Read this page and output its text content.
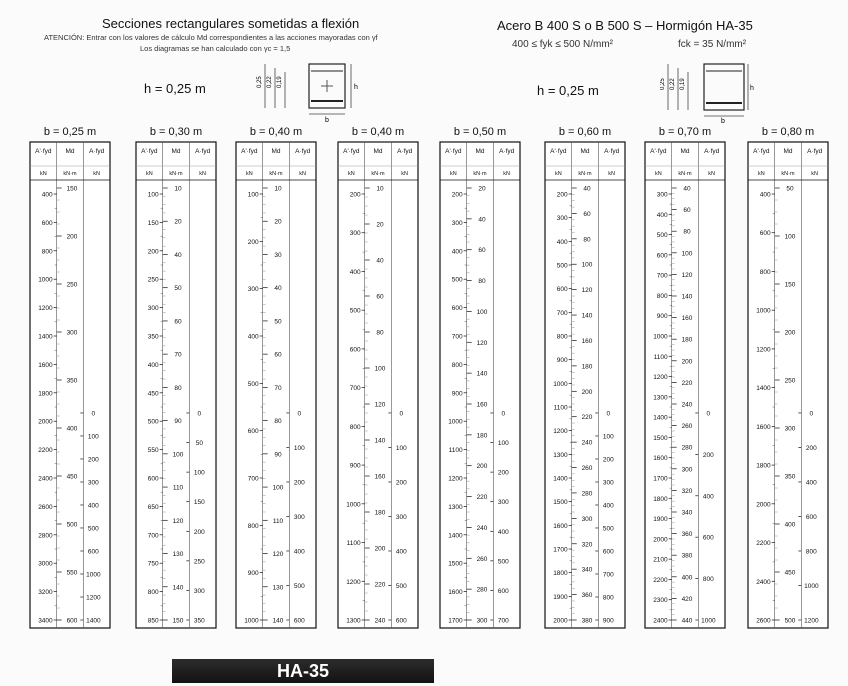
Secciones rectangulares sometidas a flexión
ATENCIÓN: Entrar con los valores de cálculo Md correspondientes a las acciones mayoradas con γf
Los diagramas se han calculado con γc = 1,5
Acero B 400 S o B 500 S – Hormigón HA-35
400 ≤ fyk ≤ 500 N/mm²	fck = 35 N/mm²
h = 0,25 m	h = 0,25 m
0,25 0,22 0,19
b
h	0,25 0,22 0,19
b
h
b = 0,25 m
A'·fyd Md A·fyd
kN	kN·m	kN
400
600
800
1000
1200
1400
1600
1800
2000
2200
2400
2600
2800
3000
3200
3400
150
200
250
300
350
400
450
500
550
600
0
100
200
300
400
500
600
1000
1200
1400
b = 0,30 m
A'·fyd Md A·fyd
kN	kN·m	kN
100
150
200
250
300
350
400
450
500
550
600
650
700
750
800
850
10
20
40
50
60
70
80
90
100
110
120
130
140
150
0
50
100
150
200
250
300
350
b = 0,40 m
A'·fyd Md A·fyd
kN	kN·m	kN
100
200
300
400
500
600
700
800
900
1000
10
20
30
40
50
60
70
80
90
100
110
120
130
140
0
100
200
300
400
500
600
b = 0,40 m
A'·fyd Md A·fyd
kN	kN·m	kN
200
300
400
500
600
700
800
900
1000
1100
1200
1300
10
20
40
60
80
100
120
140
160
180
200
220
240
0
100
200
300
400
500
600
b = 0,50 m
A'·fyd Md A·fyd
kN	kN·m	kN
200
300
400
500
600
700
800
900
1000
1100
1200
1300
1400
1500
1600
1700
20
40
60
80
100
120
140
160
180
200
220
240
260
280
300
0
100
200
300
400
500
600
700
b = 0,60 m
A'·fyd Md A·fyd
kN	kN·m	kN
200
300
400
500
600
700
800
900
1000
1100
1200
1300
1400
1500
1600
1700
1800
1900
2000
40
60
80
100
120
140
160
180
200
220
240
260
280
300
320
340
360
380
0
100
200
300
400
500
600
700
800
900
b = 0,70 m
A'·fyd Md A·fyd
kN	kN·m	kN
300
400
500
600
700
800
900
1000
1100
1200
1300
1400
1500
1600
1700
1800
1900
2000
2100
2200
2300
2400
40
60
80
100
120
140
160
180
200
220
240
260
280
300
320
340
360
380
400
420
440
0
200
400
600
800
1000
b = 0,80 m
A'·fyd Md A·fyd
kN	kN·m	kN
400
600
800
1000
1200
1400
1600
1800
2000
2200
2400
2600
50
100
150
200
250
300
350
400
450
500
0
200
400
600
800
1000
1200
HA-35
